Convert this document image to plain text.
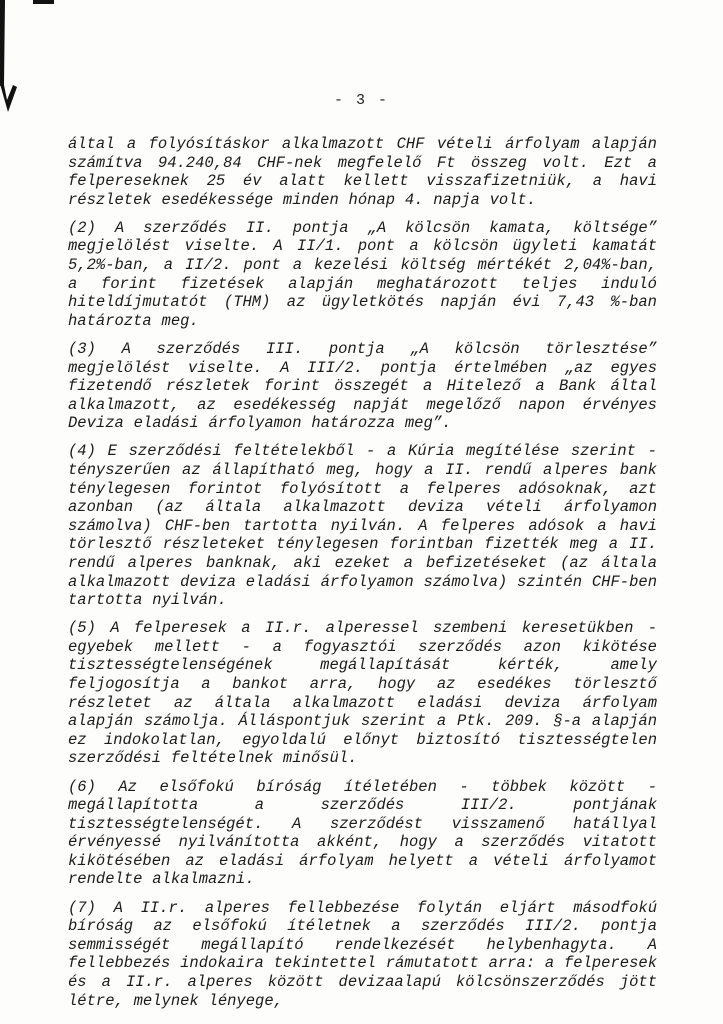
- 3 -

által a folyósításkor alkalmazott CHF vételi árfolyam alapján számítva 94.240,84 CHF-nek megfelelő Ft összeg volt. Ezt a felpereseknek 25 év alatt kellett visszafizetniük, a havi részletek esedékessége minden hónap 4. napja volt.

(2) A szerződés II. pontja „A kölcsön kamata, költsége” megjelölést viselte. A II/1. pont a kölcsön ügyleti kamatát 5,2%-ban, a II/2. pont a kezelési költség mértékét 2,04%-ban, a forint fizetések alapján meghatározott teljes induló hiteldíjmutatót (THM) az ügyletkötés napján évi 7,43 %-ban határozta meg.

(3) A szerződés III. pontja „A kölcsön törlesztése” megjelölést viselte. A III/2. pontja értelmében „az egyes fizetendő részletek forint összegét a Hitelező a Bank által alkalmazott, az esedékesség napját megelőző napon érvényes Deviza eladási árfolyamon határozza meg”.

(4) E szerződési feltételekből - a Kúria megítélése szerint - tényszerűen az állapítható meg, hogy a II. rendű alperes bank ténylegesen forintot folyósított a felperes adósoknak, azt azonban (az általa alkalmazott deviza vételi árfolyamon számolva) CHF-ben tartotta nyilván. A felperes adósok a havi törlesztő részleteket ténylegesen forintban fizették meg a II. rendű alperes banknak, aki ezeket a befizetéseket (az általa alkalmazott deviza eladási árfolyamon számolva) szintén CHF-ben tartotta nyilván.

(5) A felperesek a II.r. alperessel szembeni keresetükben - egyebek mellett - a fogyasztói szerződés azon kikötése tisztességtelenségének megállapítását kérték, amely feljogosítja a bankot arra, hogy az esedékes törlesztő részletet az általa alkalmazott eladási deviza árfolyam alapján számolja. Álláspontjuk szerint a Ptk. 209. §-a alapján ez indokolatlan, egyoldalú előnyt biztosító tisztességtelen szerződési feltételnek minősül.

(6) Az elsőfokú bíróság ítéletében - többek között - megállapította a szerződés III/2. pontjának tisztességtelenségét. A szerződést visszamenő hatállyal érvényessé nyilvánította akként, hogy a szerződés vitatott kikötésében az eladási árfolyam helyett a vételi árfolyamot rendelte alkalmazni.

(7) A II.r. alperes fellebbezése folytán eljárt másodfokú bíróság az elsőfokú ítéletnek a szerződés III/2. pontja semmisségét megállapító rendelkezését helybenhagyta. A fellebbezés indokaira tekintettel rámutatott arra: a felperesek és a II.r. alperes között devizaalapú kölcsönszerződés jött létre, melynek lényege,
